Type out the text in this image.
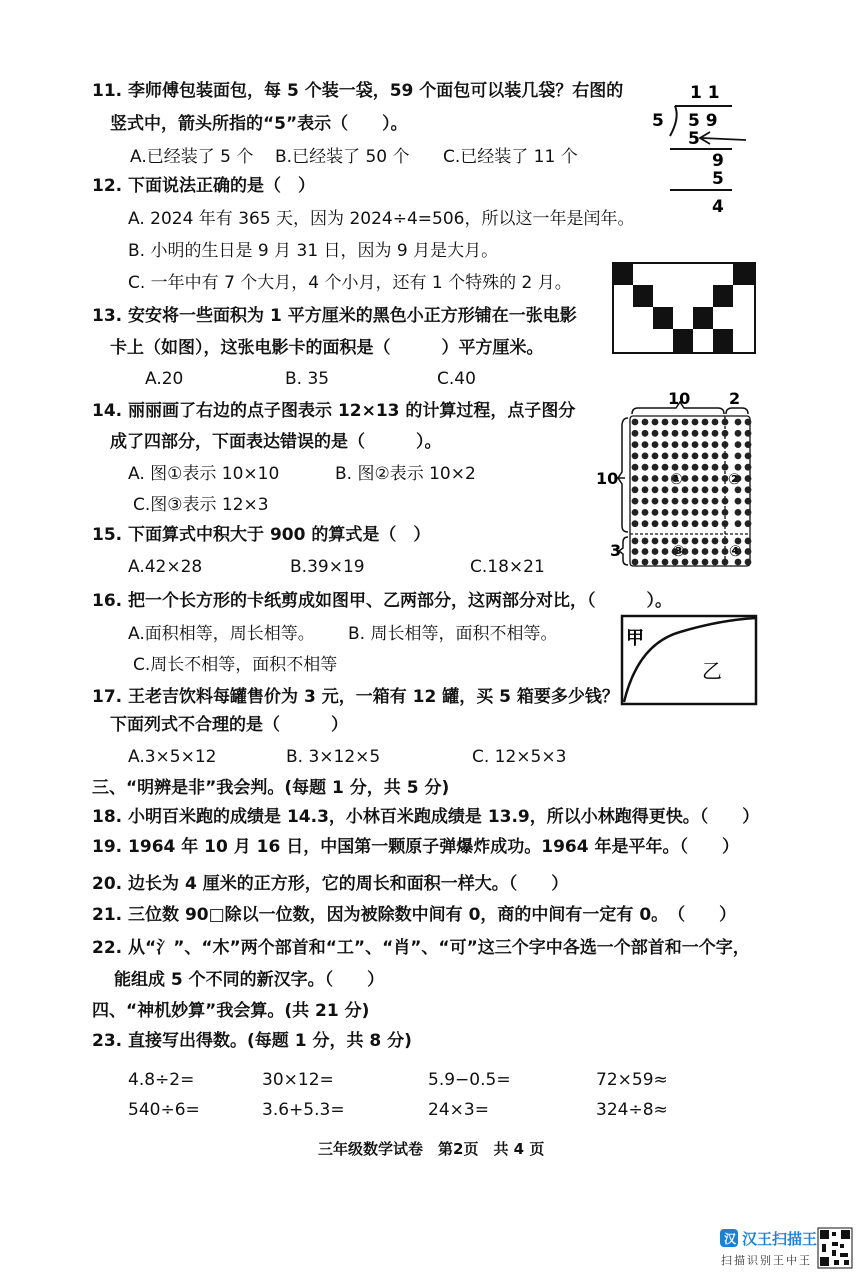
11. 李师傅包装面包，每 5 个装一袋，59 个面包可以装几袋？右图的
竖式中，箭头所指的“5”表示（　　）。
A.已经装了 5 个 B.已经装了 50 个 C.已经装了 11 个
1 1
5 5 9
5
9
5
4
12. 下面说法正确的是（　）
A. 2024 年有 365 天，因为 2024÷4=506，所以这一年是闰年。
B. 小明的生日是 9 月 31 日，因为 9 月是大月。
C. 一年中有 7 个大月，4 个小月，还有 1 个特殊的 2 月。
13. 安安将一些面积为 1 平方厘米的黑色小正方形铺在一张电影
卡上（如图），这张电影卡的面积是（　　　）平方厘米。
A.20	B. 35	C.40
14. 丽丽画了右边的点子图表示 12×13 的计算过程，点子图分
成了四部分，下面表达错误的是（　　　）。
A. 图①表示 10×10	B. 图②表示 10×2
C.图③表示 12×3
10 2
10
3
①	②
③	④
15. 下面算式中积大于 900 的算式是（　）
A.42×28	B.39×19	C.18×21
16. 把一个长方形的卡纸剪成如图甲、乙两部分，这两部分对比，（　　　）。
A.面积相等，周长相等。 B. 周长相等，面积不相等。
C.周长不相等，面积不相等
甲
乙
17. 王老吉饮料每罐售价为 3 元，一箱有 12 罐，买 5 箱要多少钱？
下面列式不合理的是（　　　）
A.3×5×12	B. 3×12×5	C. 12×5×3
三、“明辨是非”我会判。(每题 1 分，共 5 分)
18. 小明百米跑的成绩是 14.3，小林百米跑成绩是 13.9，所以小林跑得更快。（　　）
19. 1964 年 10 月 16 日，中国第一颗原子弹爆炸成功。1964 年是平年。（　　）
20. 边长为 4 厘米的正方形，它的周长和面积一样大。（　　）
21. 三位数 90□除以一位数，因为被除数中间有 0，商的中间有一定有 0。　（　　）
22. 从“氵”、“木”两个部首和“工”、“肖”、“可”这三个字中各选一个部首和一个字，
能组成 5 个不同的新汉字。（　　）
四、“神机妙算”我会算。(共 21 分)
23. 直接写出得数。(每题 1 分，共 8 分)
4.8÷2=	30×12=	5.9−0.5=	72×59≈
540÷6=	3.6+5.3=	24×3=	324÷8≈
三年级数学试卷　第2页　共 4 页
汉 汉王扫描王
扫描识别王中王
